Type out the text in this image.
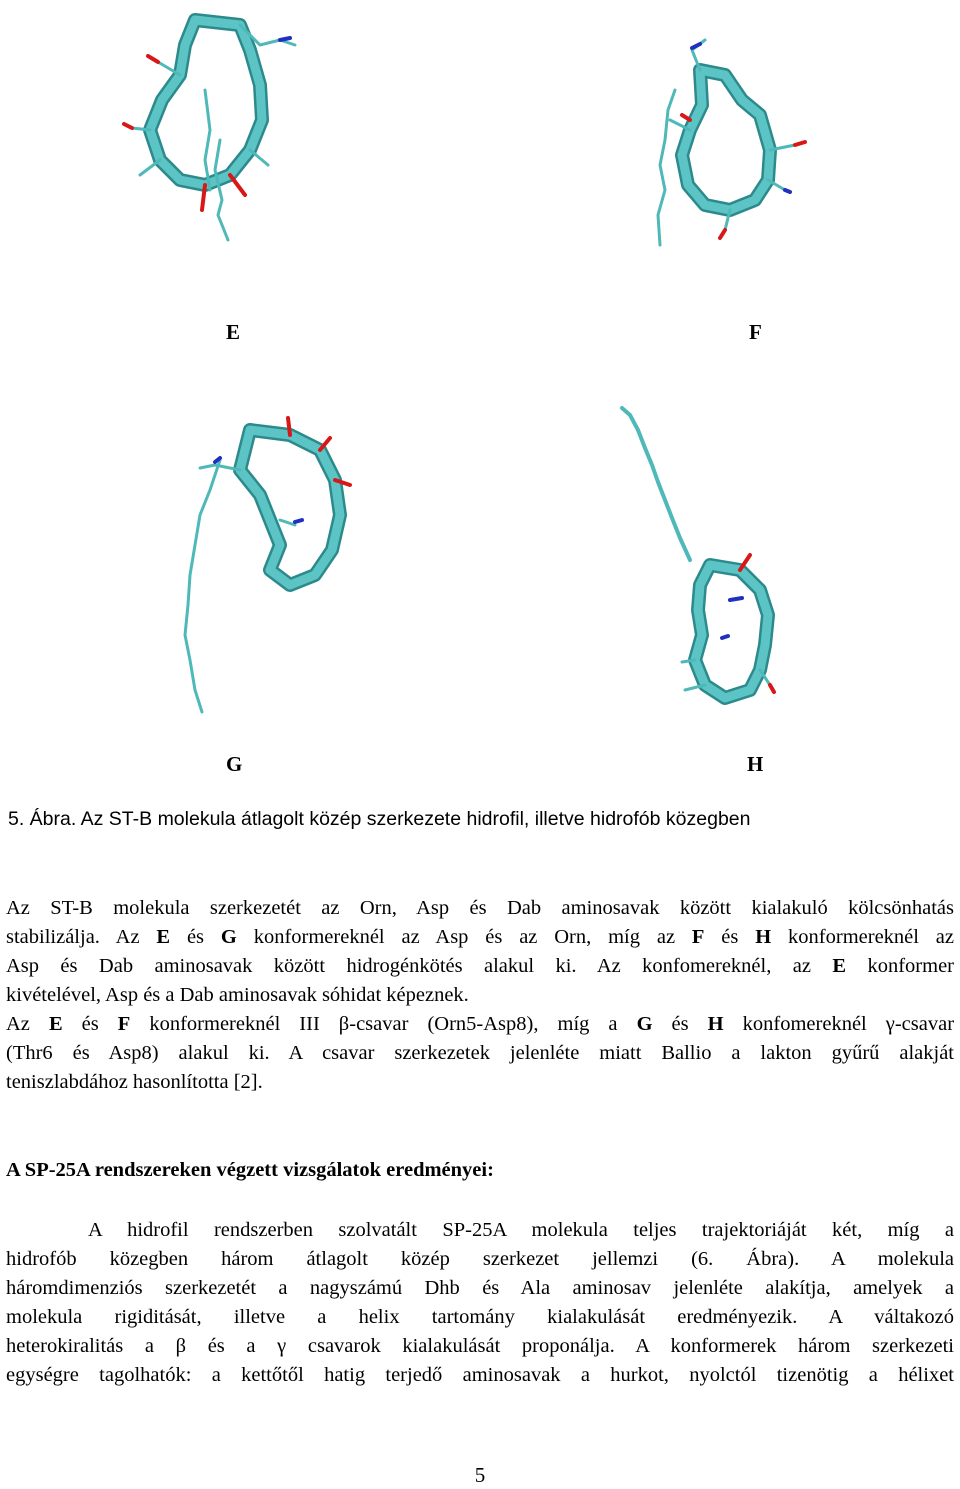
E	F
G	H
5. Ábra. Az ST-B molekula átlagolt közép szerkezete hidrofil, illetve hidrofób közegben
Az ST-B molekula szerkezetét az Orn, Asp és Dab aminosavak között kialakuló kölcsönhatás
stabilizálja. Az E és G konformereknél az Asp és az Orn, míg az F és H konformereknél az
Asp és Dab aminosavak között hidrogénkötés alakul ki. Az konfomereknél, az E konformer
kivételével, Asp és a Dab aminosavak sóhidat képeznek.
Az E és F konformereknél III β-csavar (Orn5-Asp8), míg a G és H konfomereknél γ-csavar
(Thr6 és Asp8) alakul ki. A csavar szerkezetek jelenléte miatt Ballio a lakton gyűrű alakját
teniszlabdához hasonlította [2].
A SP-25A rendszereken végzett vizsgálatok eredményei:
    A hidrofil rendszerben szolvatált SP-25A molekula teljes trajektoriáját két, míg a
hidrofób közegben három átlagolt közép szerkezet jellemzi (6. Ábra). A molekula
háromdimenziós szerkezetét a nagyszámú Dhb és Ala aminosav jelenléte alakítja, amelyek a
molekula rigiditását, illetve a helix tartomány kialakulását eredményezik. A váltakozó
heterokiralitás a β és a γ csavarok kialakulását proponálja. A konformerek három szerkezeti
egységre tagolhatók: a kettőtől hatig terjedő aminosavak a hurkot, nyolctól tizenötig a hélixet
5
